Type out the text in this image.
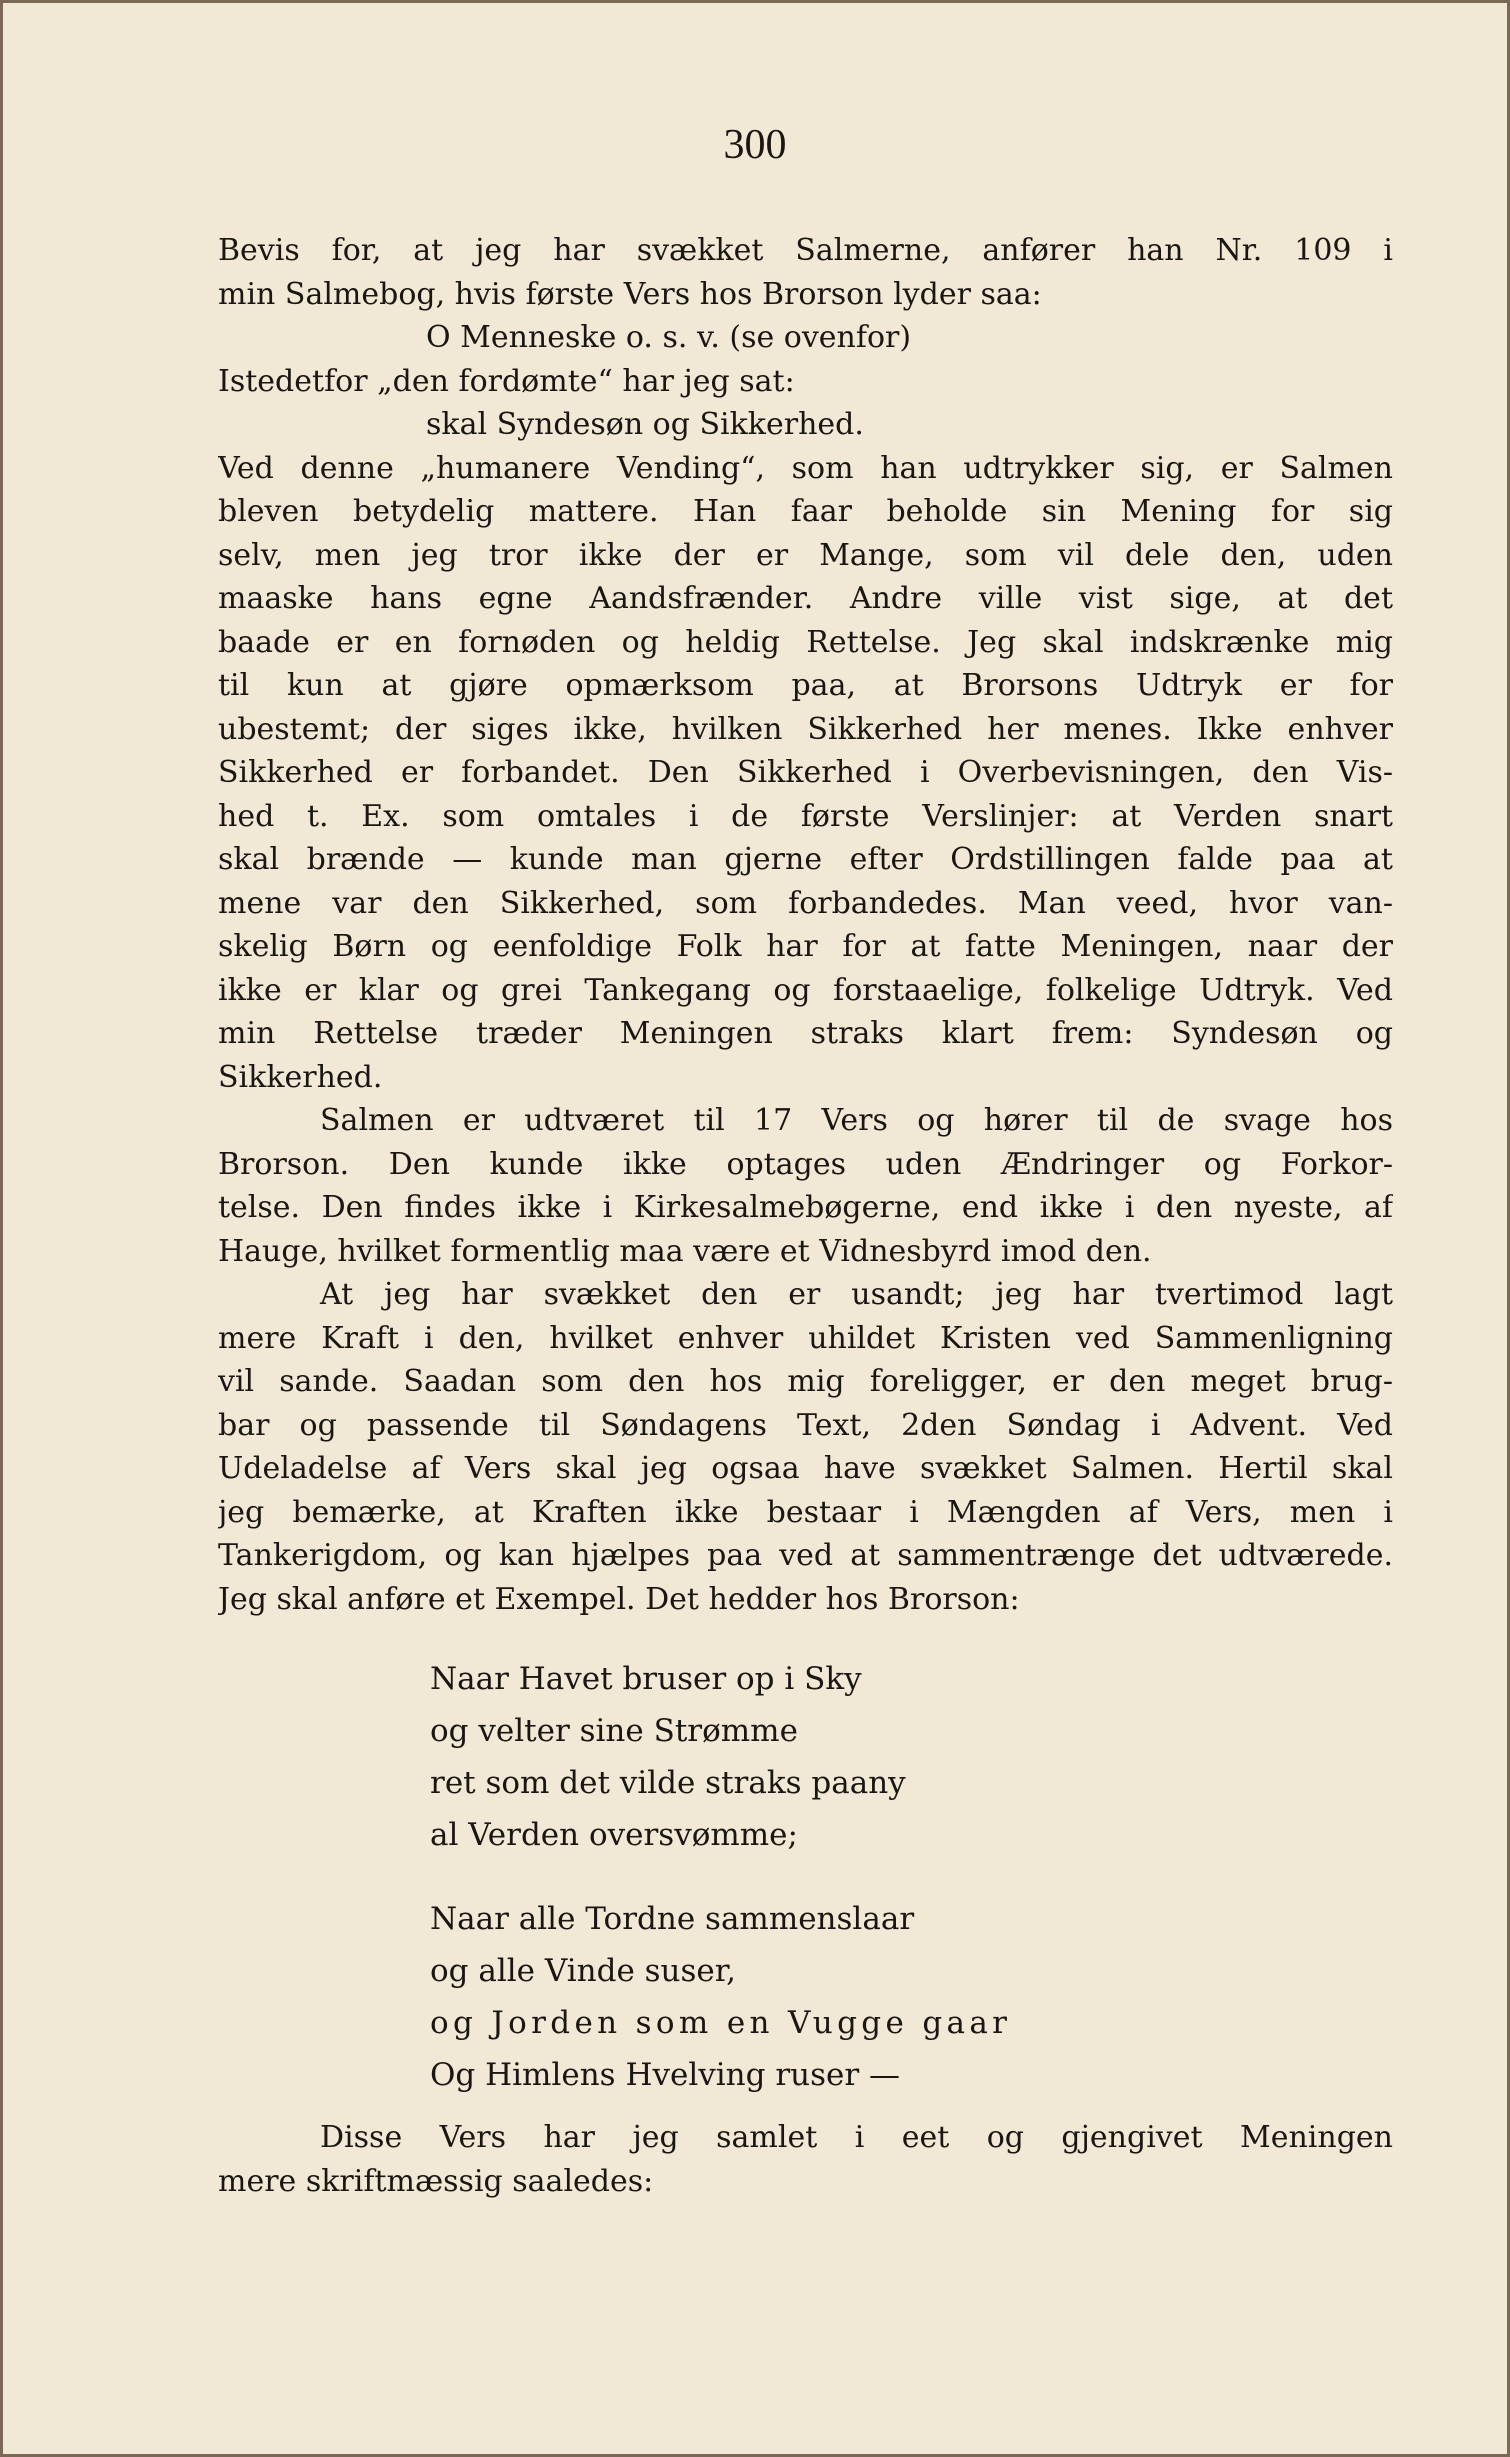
300
Bevis for, at jeg har svækket Salmerne, anfører han Nr. 109 i
min Salmebog, hvis første Vers hos Brorson lyder saa:
O Menneske o. s. v. (se ovenfor)
Istedetfor „den fordømte“ har jeg sat:
skal Syndesøn og Sikkerhed.
Ved denne „humanere Vending“, som han udtrykker sig, er Salmen
bleven betydelig mattere. Han faar beholde sin Mening for sig
selv, men jeg tror ikke der er Mange, som vil dele den, uden
maaske hans egne Aandsfrænder. Andre ville vist sige, at det
baade er en fornøden og heldig Rettelse. Jeg skal indskrænke mig
til kun at gjøre opmærksom paa, at Brorsons Udtryk er for
ubestemt; der siges ikke, hvilken Sikkerhed her menes. Ikke enhver
Sikkerhed er forbandet. Den Sikkerhed i Overbevisningen, den Vis-
hed t. Ex. som omtales i de første Verslinjer: at Verden snart
skal brænde — kunde man gjerne efter Ordstillingen falde paa at
mene var den Sikkerhed, som forbandedes. Man veed, hvor van-
skelig Børn og eenfoldige Folk har for at fatte Meningen, naar der
ikke er klar og grei Tankegang og forstaaelige, folkelige Udtryk. Ved
min Rettelse træder Meningen straks klart frem: Syndesøn og
Sikkerhed.
Salmen er udtværet til 17 Vers og hører til de svage hos
Brorson. Den kunde ikke optages uden Ændringer og Forkor-
telse. Den findes ikke i Kirkesalmebøgerne, end ikke i den nyeste, af
Hauge, hvilket formentlig maa være et Vidnesbyrd imod den.
At jeg har svækket den er usandt; jeg har tvertimod lagt
mere Kraft i den, hvilket enhver uhildet Kristen ved Sammenligning
vil sande. Saadan som den hos mig foreligger, er den meget brug-
bar og passende til Søndagens Text, 2den Søndag i Advent. Ved
Udeladelse af Vers skal jeg ogsaa have svækket Salmen. Hertil skal
jeg bemærke, at Kraften ikke bestaar i Mængden af Vers, men i
Tankerigdom, og kan hjælpes paa ved at sammentrænge det udtværede.
Jeg skal anføre et Exempel. Det hedder hos Brorson:
Naar Havet bruser op i Sky
og velter sine Strømme
ret som det vilde straks paany
al Verden oversvømme;
Naar alle Tordne sammenslaar
og alle Vinde suser,
og Jorden som en Vugge gaar
Og Himlens Hvelving ruser —
Disse Vers har jeg samlet i eet og gjengivet Meningen
mere skriftmæssig saaledes:
